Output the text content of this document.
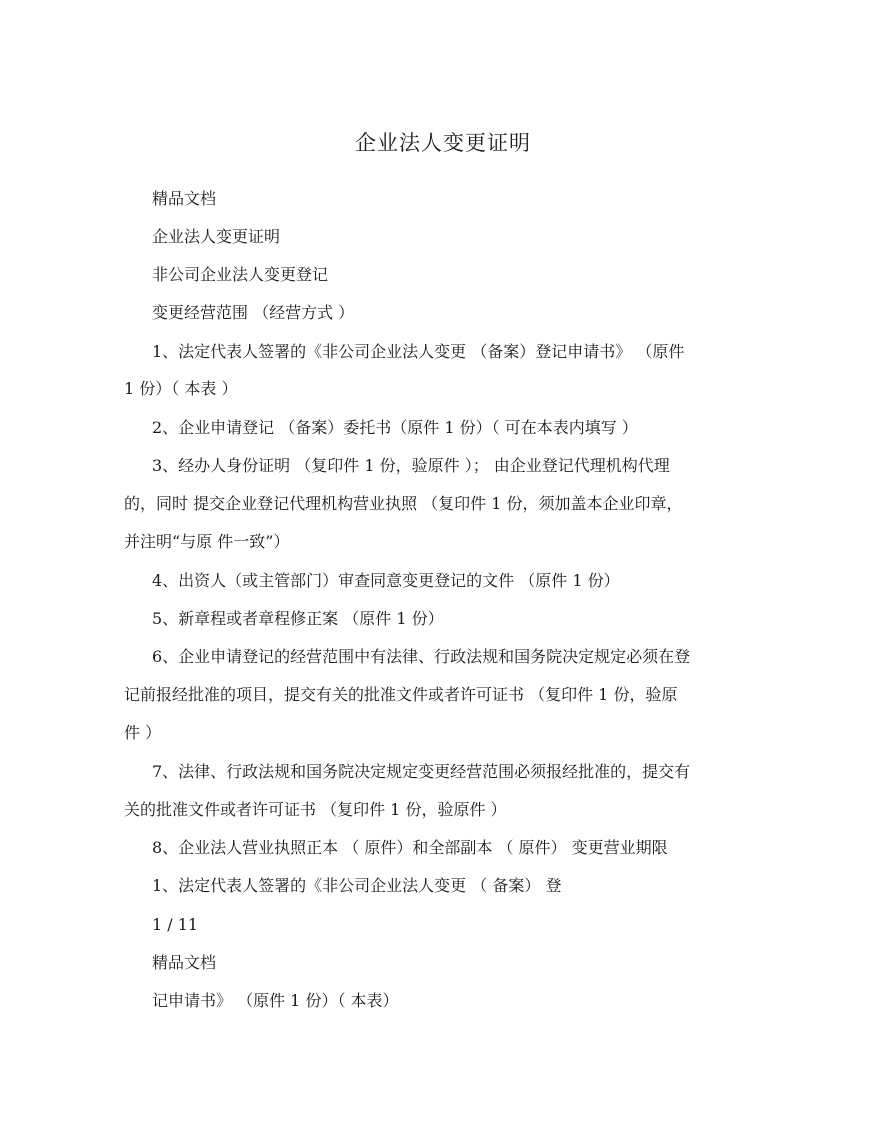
企业法人变更证明
精品文档
企业法人变更证明
非公司企业法人变更登记
变更经营范围 （经营方式 ）
1、法定代表人签署的《非公司企业法人变更 （备案）登记申请书》 （原件
1 份）（ 本表 ）
2、企业申请登记 （备案）委托书（原件 1 份）（ 可在本表内填写 ）
3、经办人身份证明 （复印件 1 份，验原件 ）； 由企业登记代理机构代理
的，同时 提交企业登记代理机构营业执照 （复印件 1 份，须加盖本企业印章，
并注明“与原 件一致”）
4、出资人（或主管部门）审查同意变更登记的文件 （原件 1 份）
5、新章程或者章程修正案 （原件 1 份）
6、企业申请登记的经营范围中有法律、行政法规和国务院决定规定必须在登
记前报经批准的项目，提交有关的批准文件或者许可证书 （复印件 1 份，验原
件 ）
7、法律、行政法规和国务院决定规定变更经营范围必须报经批准的，提交有
关的批准文件或者许可证书 （复印件 1 份，验原件 ）
8、企业法人营业执照正本 （ 原件）和全部副本 （ 原件） 变更营业期限
1、法定代表人签署的《非公司企业法人变更 （ 备案） 登
1 / 11
精品文档
记申请书》 （原件 1 份）（ 本表）
